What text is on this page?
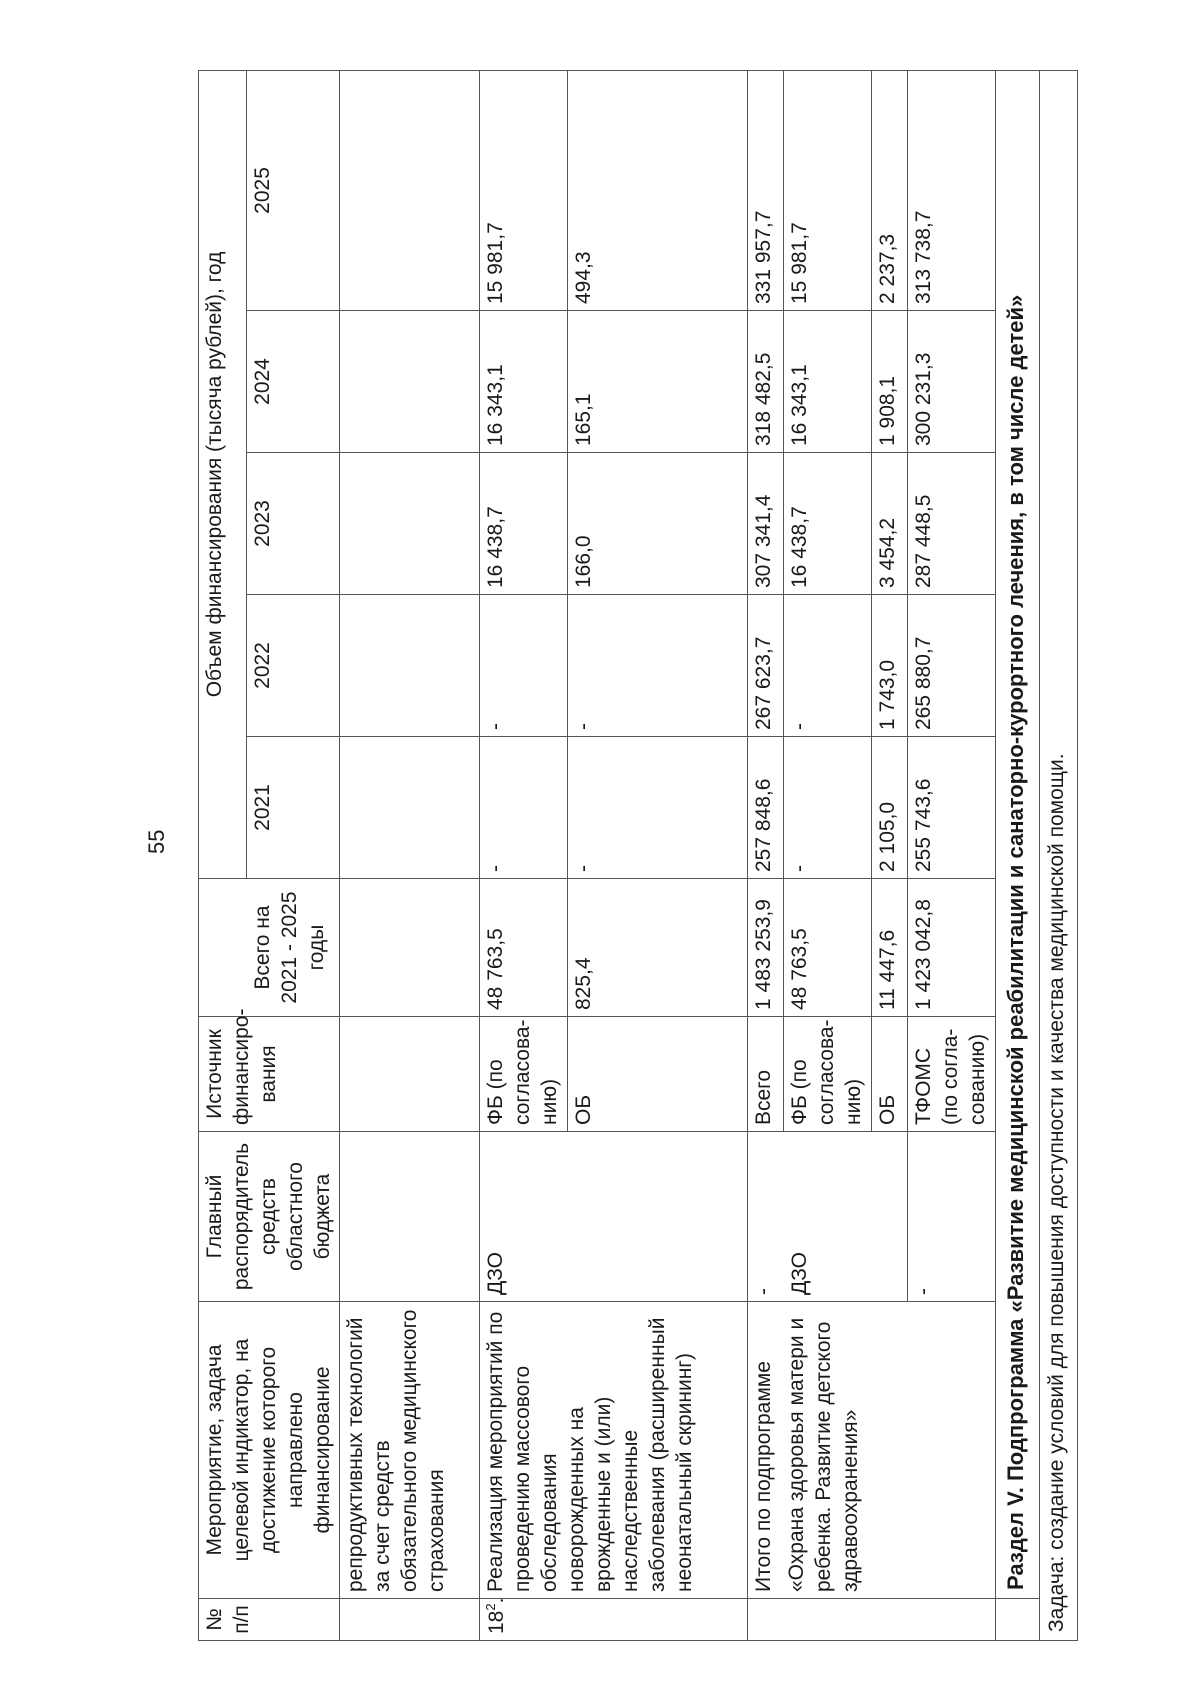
55
№ п/п	Мероприятие, задача целевой индикатор, на достижение которого направлено финансирование	Главный распорядитель средств областного бюджета	Источник финансиро-вания		Объем финансирования (тысяча рублей), год				
				Всего на 2021 - 2025 годы	2021	2022	2023	2024	2025
	репродуктивных технологий за счет средств обязательного медицинского страхования								
$18^2$.	Реализация мероприятий по проведению массового обследования новорожденных на врожденные и (или) наследственные заболевания (расширенный неонатальный скрининг)	ДЗО	ФБ (по согласова-нию)	48 763,5	-	-	16 438,7	16 343,1	15 981,7
			ОБ	825,4	-	-	166,0	165,1	494,3
	Итого по подпрограмме	-	Всего	1 483 253,9	257 848,6	267 623,7	307 341,4	318 482,5	331 957,7
	«Охрана здоровья матери и ребенка. Развитие детского здравоохранения»	ДЗО	ФБ (по согласова-нию)	48 763,5	-	-	16 438,7	16 343,1	15 981,7
			ОБ	11 447,6	2 105,0	1 743,0	3 454,2	1 908,1	2 237,3
		-	ТФОМС (по согла-сованию)	1 423 042,8	255 743,6	265 880,7	287 448,5	300 231,3	313 738,7
	Раздел V. Подпрограмма «Развитие медицинской реабилитации и санаторно-курортного лечения, в том числе детей»								
Задача: создание условий для повышения доступности и качества медицинской помощи.									
